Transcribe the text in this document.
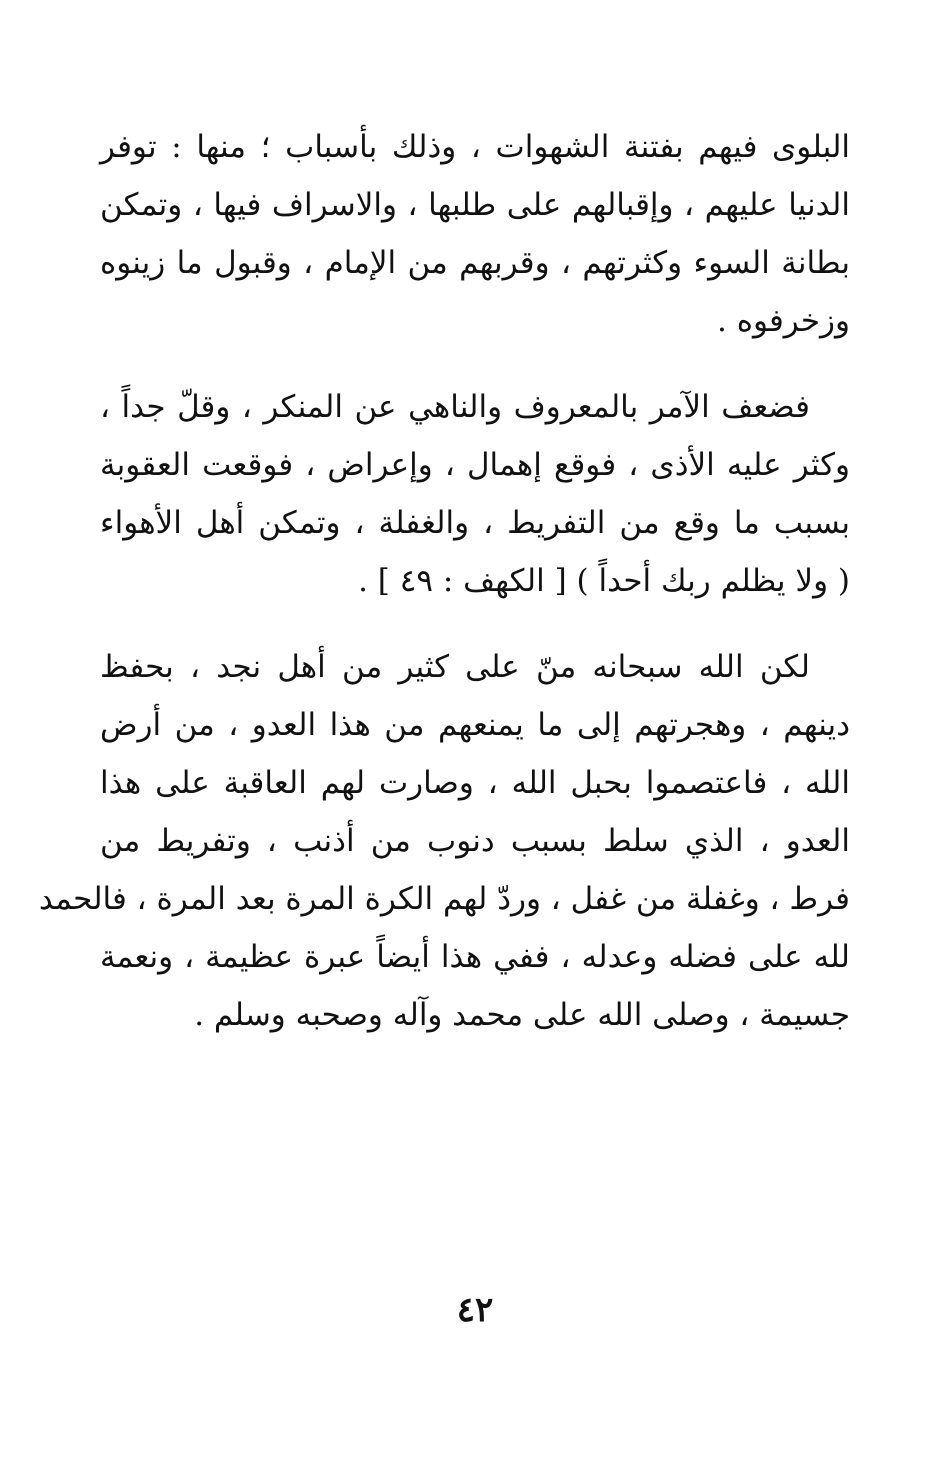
البلوى فيهم بفتنة الشهوات ، وذلك بأسباب ؛ منها : توفر
الدنيا عليهم ، وإقبالهم على طلبها ، والاسراف فيها ، وتمكن
بطانة السوء وكثرتهم ، وقربهم من الإمام ، وقبول ما زينوه
وزخرفوه .

فضعف الآمر بالمعروف والناهي عن المنكر ، وقلّ جداً ،
وكثر عليه الأذى ، فوقع إهمال ، وإعراض ، فوقعت العقوبة
بسبب ما وقع من التفريط ، والغفلة ، وتمكن أهل الأهواء
( ولا يظلم ربك أحداً ) [ الكهف : ٤٩ ] .

لكن الله سبحانه منّ على كثير من أهل نجد ، بحفظ
دينهم ، وهجرتهم إلى ما يمنعهم من هذا العدو ، من أرض
الله ، فاعتصموا بحبل الله ، وصارت لهم العاقبة على هذا
العدو ، الذي سلط بسبب دنوب من أذنب ، وتفريط من
فرط ، وغفلة من غفل ، وردّ لهم الكرة المرة بعد المرة ، فالحمد
لله على فضله وعدله ، ففي هذا أيضاً عبرة عظيمة ، ونعمة
جسيمة ، وصلى الله على محمد وآله وصحبه وسلم .

٤٢
